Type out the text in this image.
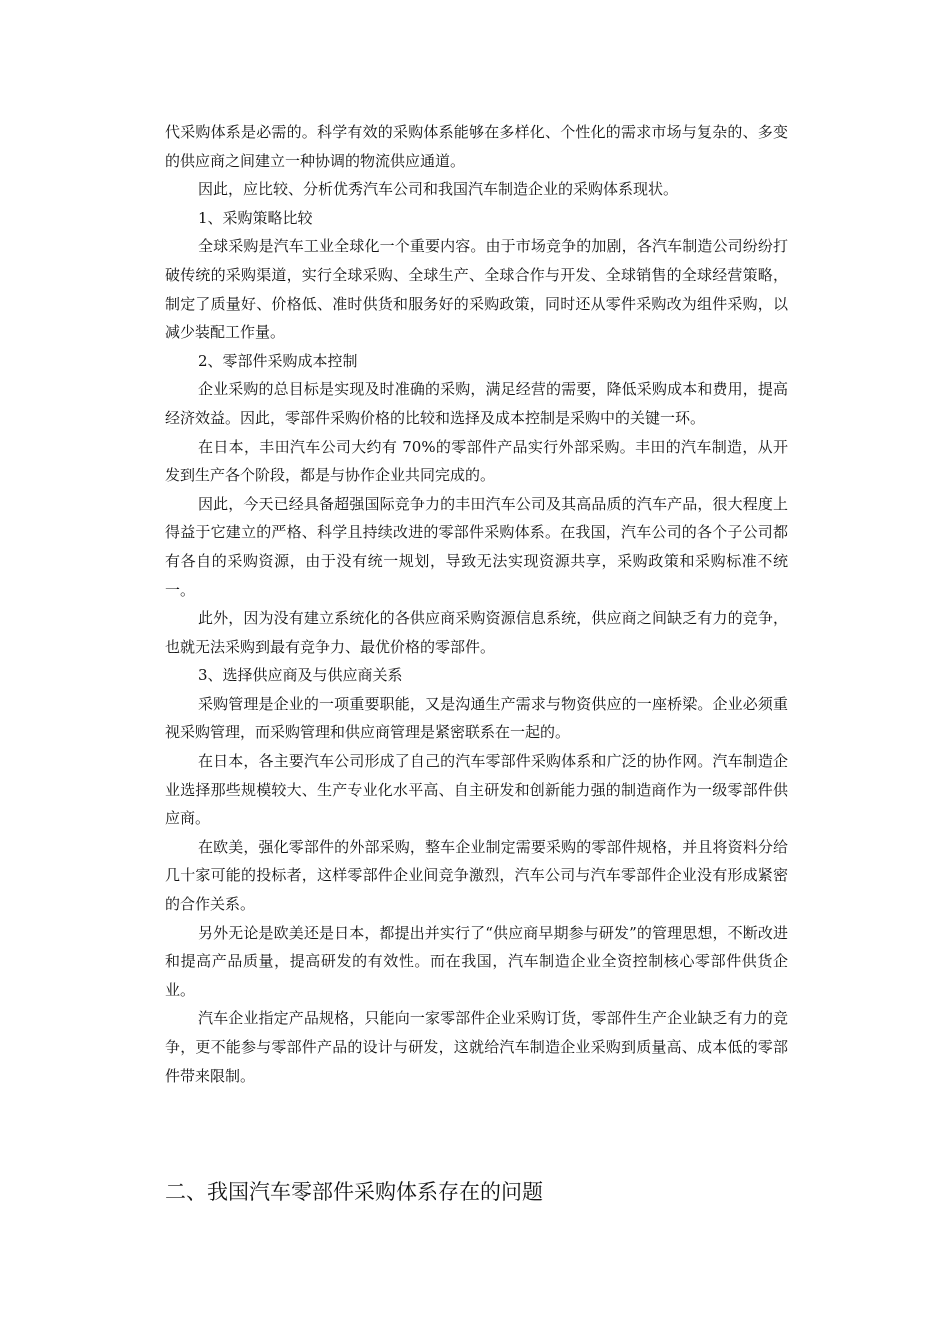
代采购体系是必需的。科学有效的采购体系能够在多样化、个性化的需求市场与复杂的、多变的供应商之间建立一种协调的物流供应通道。

因此，应比较、分析优秀汽车公司和我国汽车制造企业的采购体系现状。

1、采购策略比较

全球采购是汽车工业全球化一个重要内容。由于市场竞争的加剧，各汽车制造公司纷纷打破传统的采购渠道，实行全球采购、全球生产、全球合作与开发、全球销售的全球经营策略，制定了质量好、价格低、准时供货和服务好的采购政策，同时还从零件采购改为组件采购，以减少装配工作量。

2、零部件采购成本控制

企业采购的总目标是实现及时准确的采购，满足经营的需要，降低采购成本和费用，提高经济效益。因此，零部件采购价格的比较和选择及成本控制是采购中的关键一环。

在日本，丰田汽车公司大约有 70%的零部件产品实行外部采购。丰田的汽车制造，从开发到生产各个阶段，都是与协作企业共同完成的。

因此，今天已经具备超强国际竞争力的丰田汽车公司及其高品质的汽车产品，很大程度上得益于它建立的严格、科学且持续改进的零部件采购体系。在我国，汽车公司的各个子公司都有各自的采购资源，由于没有统一规划，导致无法实现资源共享，采购政策和采购标准不统一。

此外，因为没有建立系统化的各供应商采购资源信息系统，供应商之间缺乏有力的竞争，也就无法采购到最有竞争力、最优价格的零部件。

3、选择供应商及与供应商关系

采购管理是企业的一项重要职能，又是沟通生产需求与物资供应的一座桥梁。企业必须重视采购管理，而采购管理和供应商管理是紧密联系在一起的。

在日本，各主要汽车公司形成了自己的汽车零部件采购体系和广泛的协作网。汽车制造企业选择那些规模较大、生产专业化水平高、自主研发和创新能力强的制造商作为一级零部件供应商。

在欧美，强化零部件的外部采购，整车企业制定需要采购的零部件规格，并且将资料分给几十家可能的投标者，这样零部件企业间竞争激烈，汽车公司与汽车零部件企业没有形成紧密的合作关系。

另外无论是欧美还是日本，都提出并实行了“供应商早期参与研发”的管理思想，不断改进和提高产品质量，提高研发的有效性。而在我国，汽车制造企业全资控制核心零部件供货企业。

汽车企业指定产品规格，只能向一家零部件企业采购订货，零部件生产企业缺乏有力的竞争，更不能参与零部件产品的设计与研发，这就给汽车制造企业采购到质量高、成本低的零部件带来限制。

二、我国汽车零部件采购体系存在的问题
